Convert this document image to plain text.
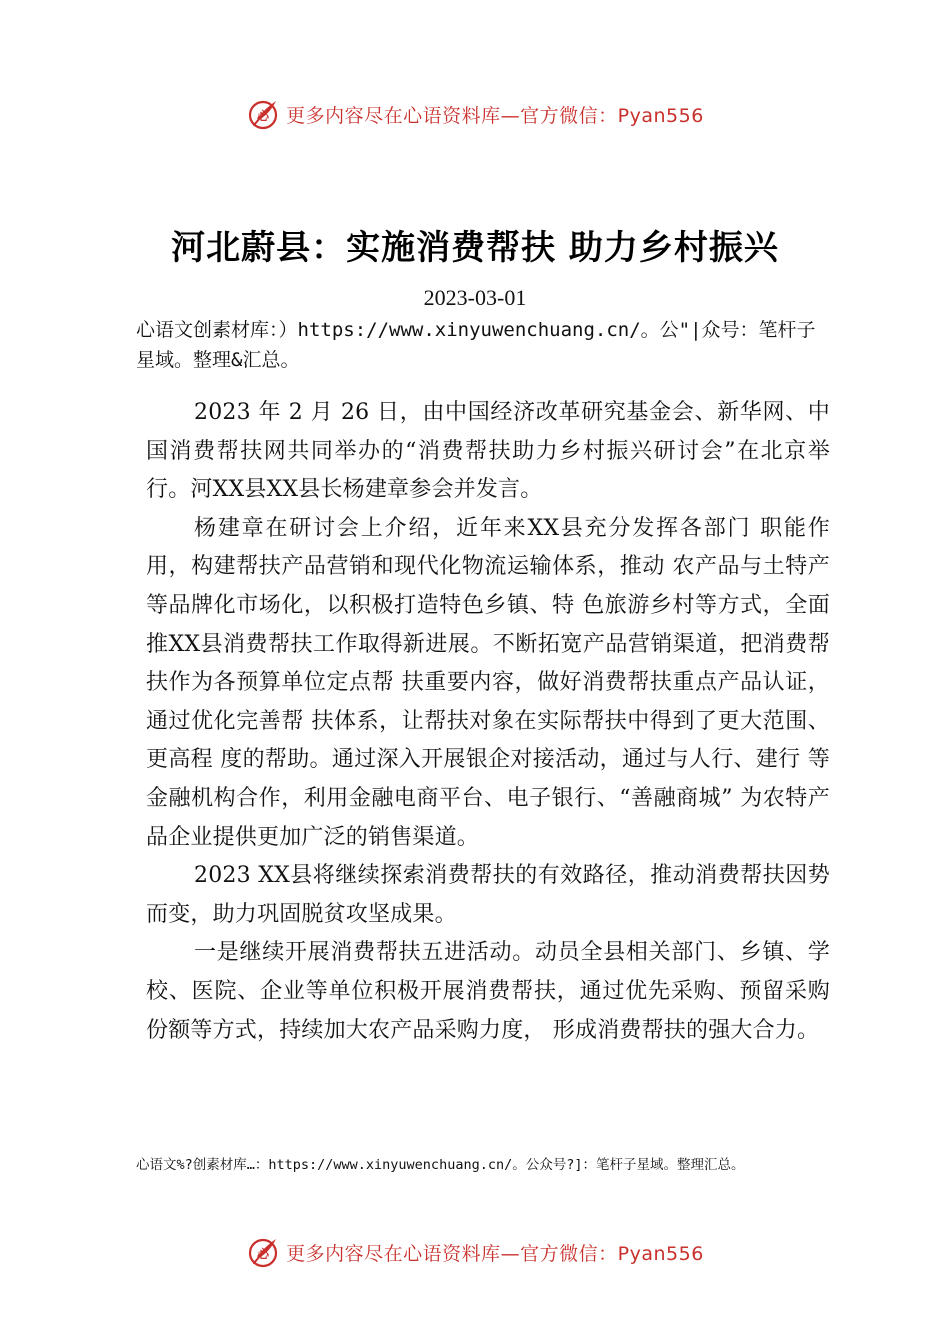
心 更多内容尽在心语资料库—官方微信：Pyan556
河北蔚县：实施消费帮扶 助力乡村振兴
2023-03-01
心语文创素材库：）https://www.xinyuwenchuang.cn/。公"|众号：笔杆子星域。整理&汇总。

2023 年 2 月 26 日，由中国经济改革研究基金会、新华网、中国消费帮扶网共同举办的“消费帮扶助力乡村振兴研讨会”在北京举行。河XX县XX县长杨建章参会并发言。

杨建章在研讨会上介绍，近年来XX县充分发挥各部门 职能作用，构建帮扶产品营销和现代化物流运输体系，推动 农产品与土特产等品牌化市场化，以积极打造特色乡镇、特 色旅游乡村等方式，全面推XX县消费帮扶工作取得新进展。不断拓宽产品营销渠道，把消费帮扶作为各预算单位定点帮 扶重要内容，做好消费帮扶重点产品认证，通过优化完善帮 扶体系，让帮扶对象在实际帮扶中得到了更大范围、更高程 度的帮助。通过深入开展银企对接活动，通过与人行、建行 等金融机构合作，利用金融电商平台、电子银行、“善融商城” 为农特产品企业提供更加广泛的销售渠道。

2023 XX县将继续探索消费帮扶的有效路径，推动消费帮扶因势而变，助力巩固脱贫攻坚成果。

一是继续开展消费帮扶五进活动。动员全县相关部门、乡镇、学校、医院、企业等单位积极开展消费帮扶，通过优先采购、预留采购份额等方式，持续加大农产品采购力度， 形成消费帮扶的强大合力。

心语文%?创素材库…：https://www.xinyuwenchuang.cn/。公众号?]：笔杆子星域。整理汇总。
心 更多内容尽在心语资料库—官方微信：Pyan556
